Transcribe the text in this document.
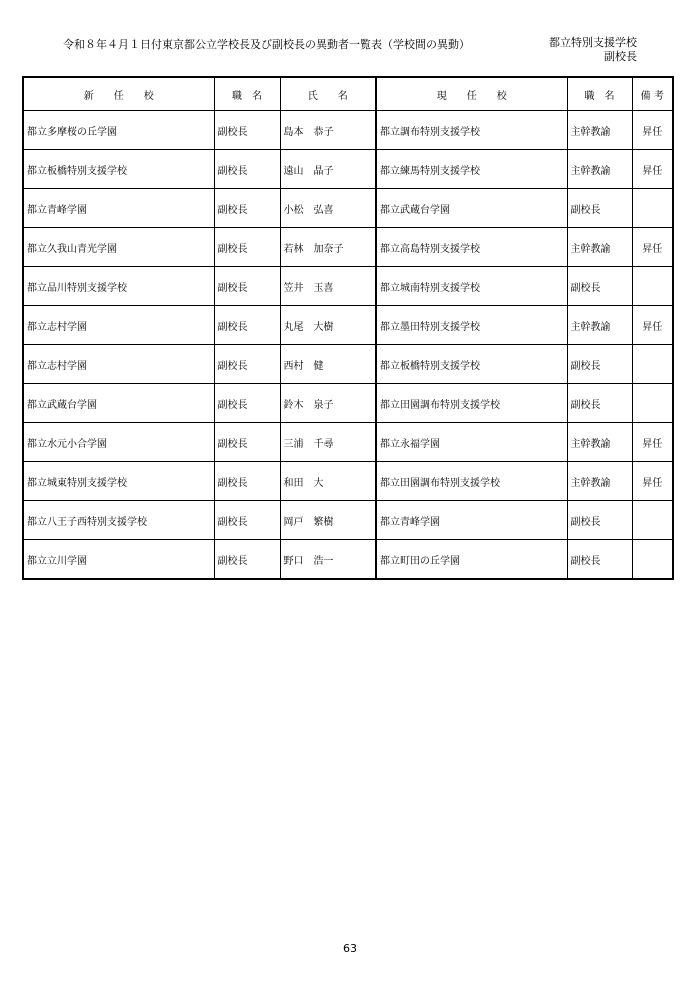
令和８年４月１日付東京都公立学校長及び副校長の異動者一覧表（学校間の異動）	都立特別支援学校
副校長
新　　任　　校	職　名	氏　　名	現　　任　　校	職　名	備 考
都立多摩桜の丘学園	副校長	島本　恭子	都立調布特別支援学校	主幹教諭	昇任
都立板橋特別支援学校	副校長	遠山　晶子	都立練馬特別支援学校	主幹教諭	昇任
都立青峰学園	副校長	小松　弘喜	都立武蔵台学園	副校長	
都立久我山青光学園	副校長	若林　加奈子	都立高島特別支援学校	主幹教諭	昇任
都立品川特別支援学校	副校長	笠井　玉喜	都立城南特別支援学校	副校長	
都立志村学園	副校長	丸尾　大樹	都立墨田特別支援学校	主幹教諭	昇任
都立志村学園	副校長	西村　健	都立板橋特別支援学校	副校長	
都立武蔵台学園	副校長	鈴木　泉子	都立田園調布特別支援学校	副校長	
都立水元小合学園	副校長	三浦　千尋	都立永福学園	主幹教諭	昇任
都立城東特別支援学校	副校長	和田　大	都立田園調布特別支援学校	主幹教諭	昇任
都立八王子西特別支援学校	副校長	岡戸　繁樹	都立青峰学園	副校長	
都立立川学園	副校長	野口　浩一	都立町田の丘学園	副校長	
63
